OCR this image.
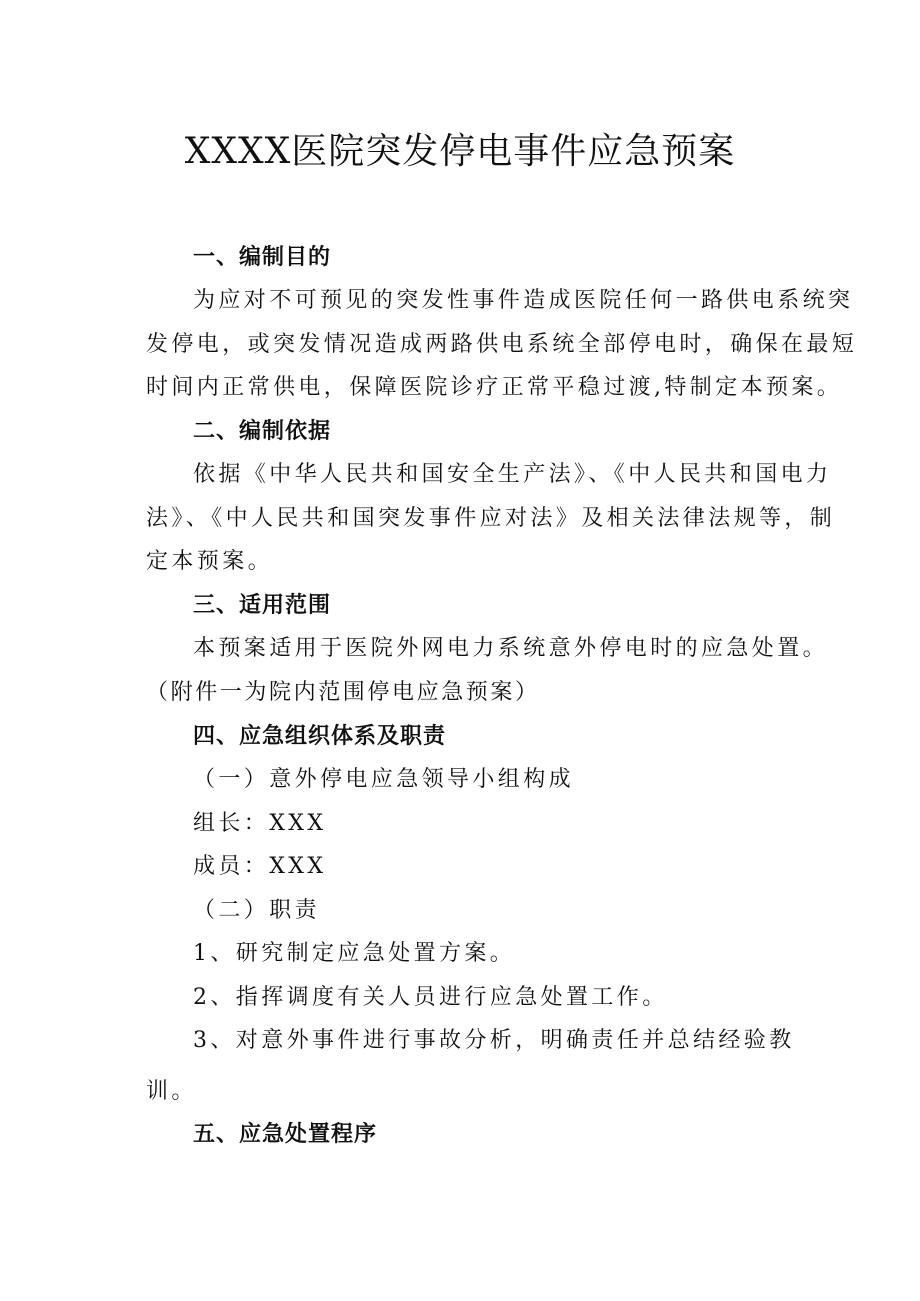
XXXX医院突发停电事件应急预案
一、编制目的
为应对不可预见的突发性事件造成医院任何一路供电系统突
发停电，或突发情况造成两路供电系统全部停电时，确保在最短
时间内正常供电，保障医院诊疗正常平稳过渡,特制定本预案。
二、编制依据
依据《中华人民共和国安全生产法》、《中人民共和国电力
法》、《中人民共和国突发事件应对法》及相关法律法规等，制
定本预案。
三、适用范围
本预案适用于医院外网电力系统意外停电时的应急处置。
（附件一为院内范围停电应急预案）
四、应急组织体系及职责
（一）意外停电应急领导小组构成
组长：XXX
成员：XXX
（二）职责
1、研究制定应急处置方案。
2、指挥调度有关人员进行应急处置工作。
3、对意外事件进行事故分析，明确责任并总结经验教
训。
五、应急处置程序
